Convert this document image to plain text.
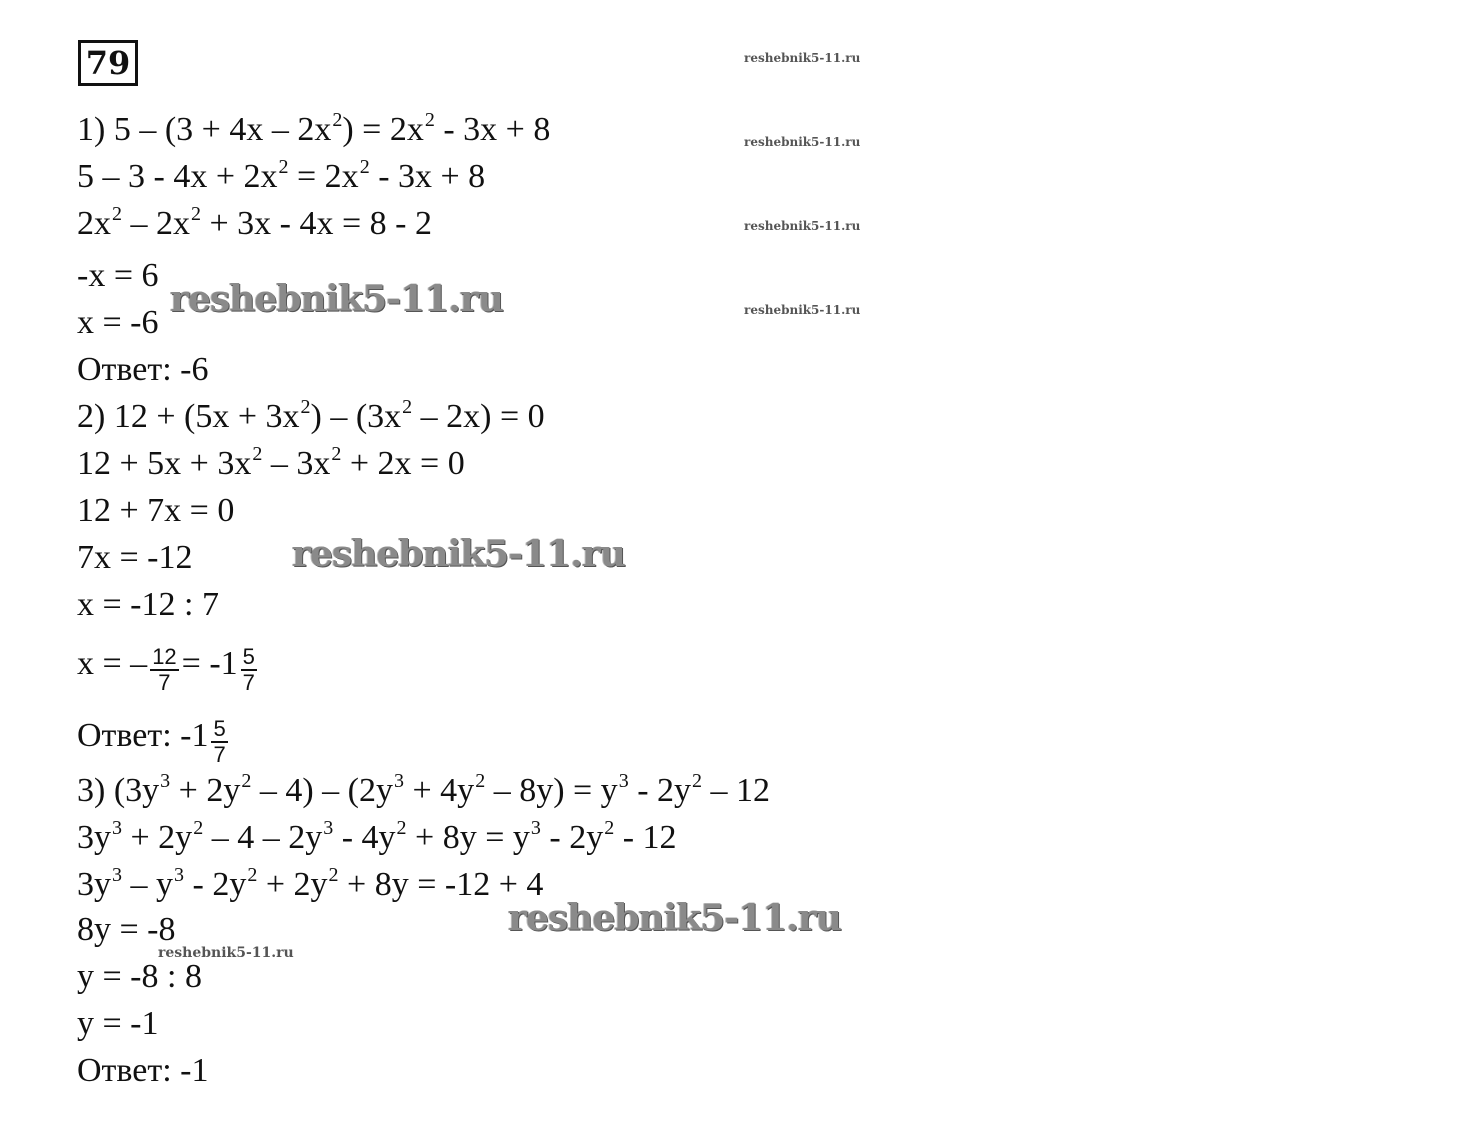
79	reshebnik5-11.ru
reshebnik5-11.ru
reshebnik5-11.ru
reshebnik5-11.ru
reshebnik5-11.ru
reshebnik5-11.ru
reshebnik5-11.ru
reshebnik5-11.ru
1) $5 - (3 + 4x - 2x^2) = 2x^2 - 3x + 8$
$5 - 3 - 4x + 2x^2 = 2x^2 - 3x + 8$
$2x^2 - 2x^2 + 3x - 4x = 8 - 2$
-x = 6
x = -6
Ответ: -6
2) $12 + (5x + 3x^2) - (3x^2 - 2x) = 0$
$12 + 5x + 3x^2 - 3x^2 + 2x = 0$
12 + 7x = 0
7x = -12
x = -12 : 7
x = – $\frac{12}{7} = -1 \frac{5}{7}$
Ответ: $-1 \frac{5}{7}$
3) $(3y^3 + 2y^2 - 4) - (2y^3 + 4y^2 - 8y) = y^3 - 2y^2 - 12$
$3y^3 + 2y^2 - 4 - 2y^3 - 4y^2 + 8y = y^3 - 2y^2 - 12$
$3y^3 - y^3 - 2y^2 + 2y^2 + 8y = -12 + 4$
8y = -8
y = -8 : 8
y = -1
Ответ: -1
